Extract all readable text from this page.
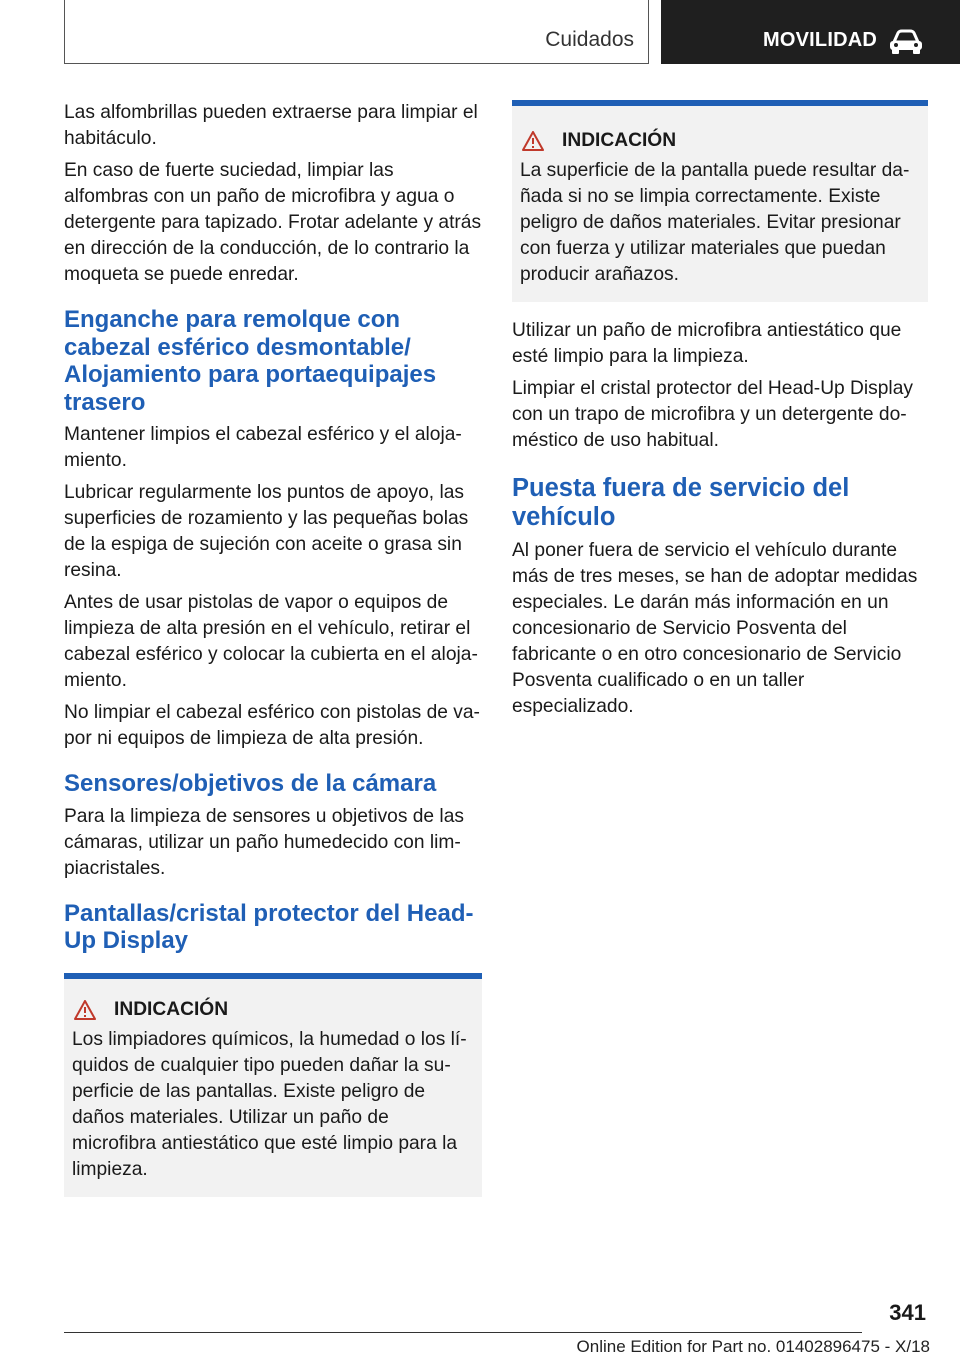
Cuidados	MOVILIDAD

Las alfombrillas pueden extraerse para limpiar el habitáculo.

En caso de fuerte suciedad, limpiar las alfombras con un paño de microfibra y agua o detergente para tapizado. Frotar adelante y atrás en dirección de la conducción, de lo contrario la moqueta se puede enredar.

Enganche para remolque con cabezal esférico desmontable/ Alojamiento para portaequipajes trasero

Mantener limpios el cabezal esférico y el alojamiento.

Lubricar regularmente los puntos de apoyo, las superficies de rozamiento y las pequeñas bolas de la espiga de sujeción con aceite o grasa sin resina.

Antes de usar pistolas de vapor o equipos de limpieza de alta presión en el vehículo, retirar el cabezal esférico y colocar la cubierta en el alojamiento.

No limpiar el cabezal esférico con pistolas de vapor ni equipos de limpieza de alta presión.

Sensores/objetivos de la cámara

Para la limpieza de sensores u objetivos de las cámaras, utilizar un paño humedecido con limpiacristales.

Pantallas/cristal protector del Head-Up Display
INDICACIÓN

Los limpiadores químicos, la humedad o los líquidos de cualquier tipo pueden dañar la superficie de las pantallas. Existe peligro de daños materiales. Utilizar un paño de microfibra antiestático que esté limpio para la limpieza.

INDICACIÓN

La superficie de la pantalla puede resultar dañada si no se limpia correctamente. Existe peligro de daños materiales. Evitar presionar con fuerza y utilizar materiales que puedan producir arañazos.

Utilizar un paño de microfibra antiestático que esté limpio para la limpieza.

Limpiar el cristal protector del Head-Up Display con un trapo de microfibra y un detergente doméstico de uso habitual.

Puesta fuera de servicio del vehículo

Al poner fuera de servicio el vehículo durante más de tres meses, se han de adoptar medidas especiales. Le darán más información en un concesionario de Servicio Posventa del fabricante o en otro concesionario de Servicio Posventa cualificado o en un taller especializado.

341
Online Edition for Part no. 01402896475 - X/18
